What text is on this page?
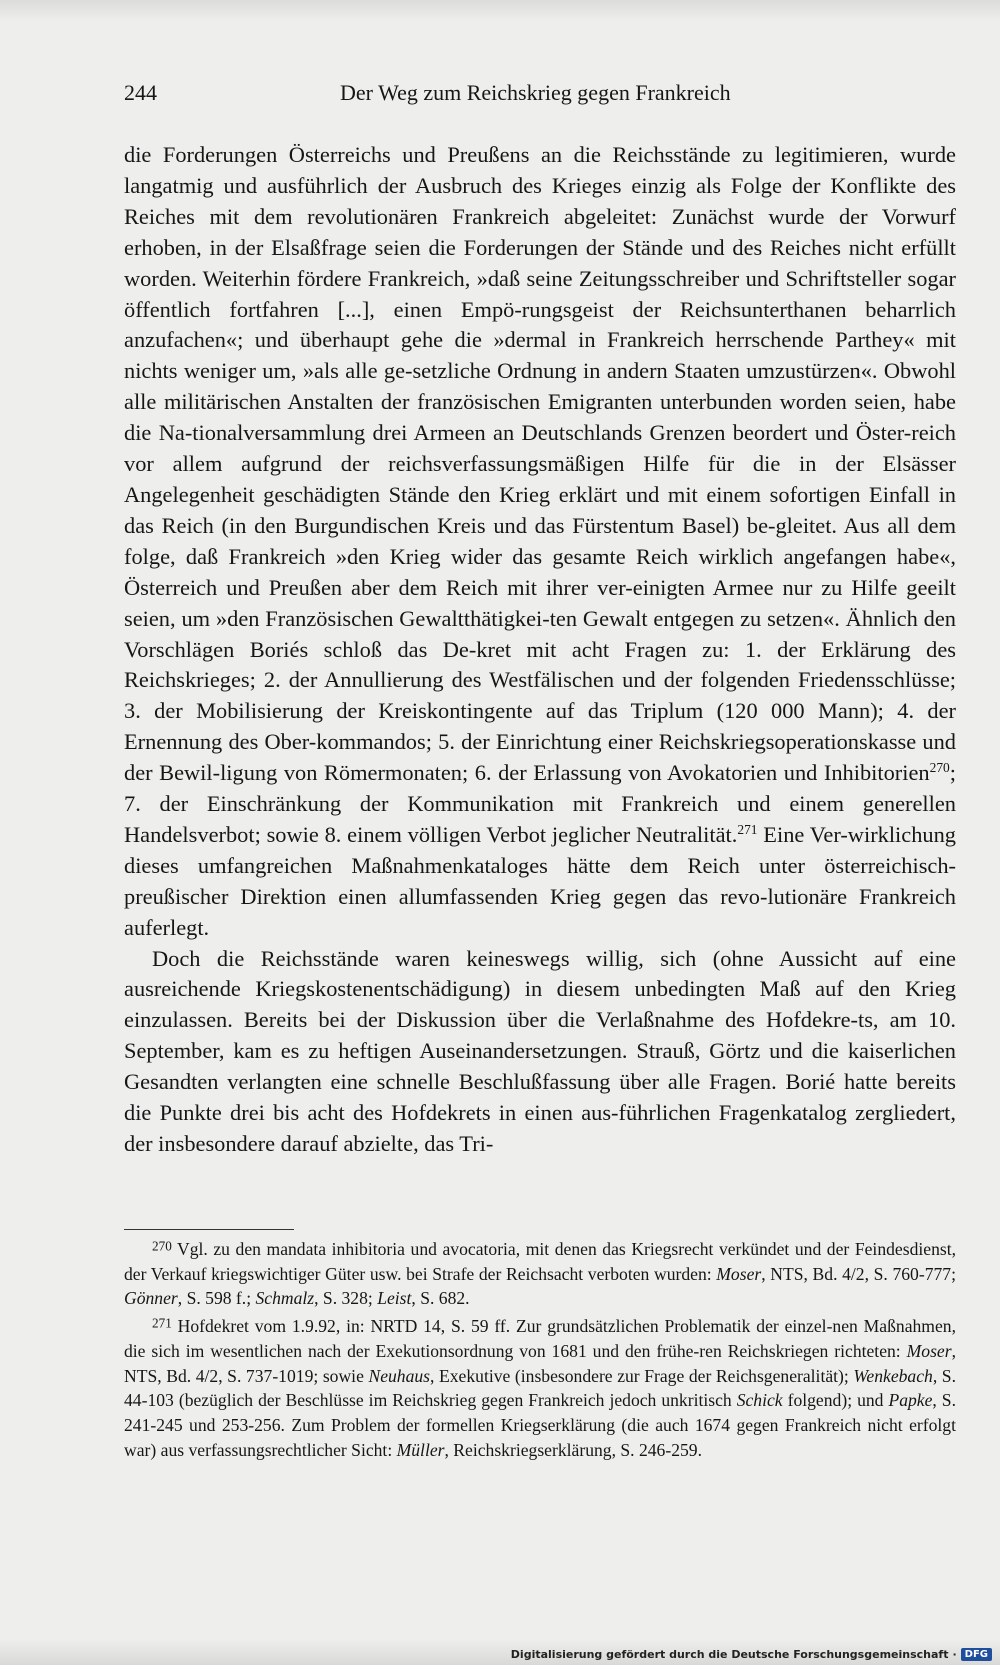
244	Der Weg zum Reichskrieg gegen Frankreich

die Forderungen Österreichs und Preußens an die Reichsstände zu legitimieren, wurde langatmig und ausführlich der Ausbruch des Krieges einzig als Folge der Konflikte des Reiches mit dem revolutionären Frankreich abgeleitet: Zunächst wurde der Vorwurf erhoben, in der Elsaßfrage seien die Forderungen der Stände und des Reiches nicht erfüllt worden. Weiterhin fördere Frankreich, »daß seine Zeitungsschreiber und Schriftsteller sogar öffentlich fortfahren [...], einen Empö-rungsgeist der Reichsunterthanen beharrlich anzufachen«; und überhaupt gehe die »dermal in Frankreich herrschende Parthey« mit nichts weniger um, »als alle ge-setzliche Ordnung in andern Staaten umzustürzen«. Obwohl alle militärischen Anstalten der französischen Emigranten unterbunden worden seien, habe die Na-tionalversammlung drei Armeen an Deutschlands Grenzen beordert und Öster-reich vor allem aufgrund der reichsverfassungsmäßigen Hilfe für die in der Elsässer Angelegenheit geschädigten Stände den Krieg erklärt und mit einem sofortigen Einfall in das Reich (in den Burgundischen Kreis und das Fürstentum Basel) be-gleitet. Aus all dem folge, daß Frankreich »den Krieg wider das gesamte Reich wirklich angefangen habe«, Österreich und Preußen aber dem Reich mit ihrer ver-einigten Armee nur zu Hilfe geeilt seien, um »den Französischen Gewaltthätigkei-ten Gewalt entgegen zu setzen«. Ähnlich den Vorschlägen Boriés schloß das De-kret mit acht Fragen zu: 1. der Erklärung des Reichskrieges; 2. der Annullierung des Westfälischen und der folgenden Friedensschlüsse; 3. der Mobilisierung der Kreiskontingente auf das Triplum (120 000 Mann); 4. der Ernennung des Ober-kommandos; 5. der Einrichtung einer Reichskriegsoperationskasse und der Bewil-ligung von Römermonaten; 6. der Erlassung von Avokatorien und Inhibitorien$^{270}$; 7. der Einschränkung der Kommunikation mit Frankreich und einem generellen Handelsverbot; sowie 8. einem völligen Verbot jeglicher Neutralität.$^{271}$ Eine Ver-wirklichung dieses umfangreichen Maßnahmenkataloges hätte dem Reich unter österreichisch-preußischer Direktion einen allumfassenden Krieg gegen das revo-lutionäre Frankreich auferlegt.

Doch die Reichsstände waren keineswegs willig, sich (ohne Aussicht auf eine ausreichende Kriegskostenentschädigung) in diesem unbedingten Maß auf den Krieg einzulassen. Bereits bei der Diskussion über die Verlaßnahme des Hofdekre-ts, am 10. September, kam es zu heftigen Auseinandersetzungen. Strauß, Görtz und die kaiserlichen Gesandten verlangten eine schnelle Beschlußfassung über alle Fragen. Borié hatte bereits die Punkte drei bis acht des Hofdekrets in einen aus-führlichen Fragenkatalog zergliedert, der insbesondere darauf abzielte, das Tri-

$^{270}$ Vgl. zu den mandata inhibitoria und avocatoria, mit denen das Kriegsrecht verkündet und der Feindesdienst, der Verkauf kriegswichtiger Güter usw. bei Strafe der Reichsacht verboten wurden: Moser, NTS, Bd. 4/2, S. 760-777; Gönner, S. 598 f.; Schmalz, S. 328; Leist, S. 682.

$^{271}$ Hofdekret vom 1.9.92, in: NRTD 14, S. 59 ff. Zur grundsätzlichen Problematik der einzel-nen Maßnahmen, die sich im wesentlichen nach der Exekutionsordnung von 1681 und den frühe-ren Reichskriegen richteten: Moser, NTS, Bd. 4/2, S. 737-1019; sowie Neuhaus, Exekutive (insbesondere zur Frage der Reichsgeneralität); Wenkebach, S. 44-103 (bezüglich der Beschlüsse im Reichskrieg gegen Frankreich jedoch unkritisch Schick folgend); und Papke, S. 241-245 und 253-256. Zum Problem der formellen Kriegserklärung (die auch 1674 gegen Frankreich nicht erfolgt war) aus verfassungsrechtlicher Sicht: Müller, Reichskriegserklärung, S. 246-259.

Digitalisierung gefördert durch die Deutsche Forschungsgemeinschaft · DFG
